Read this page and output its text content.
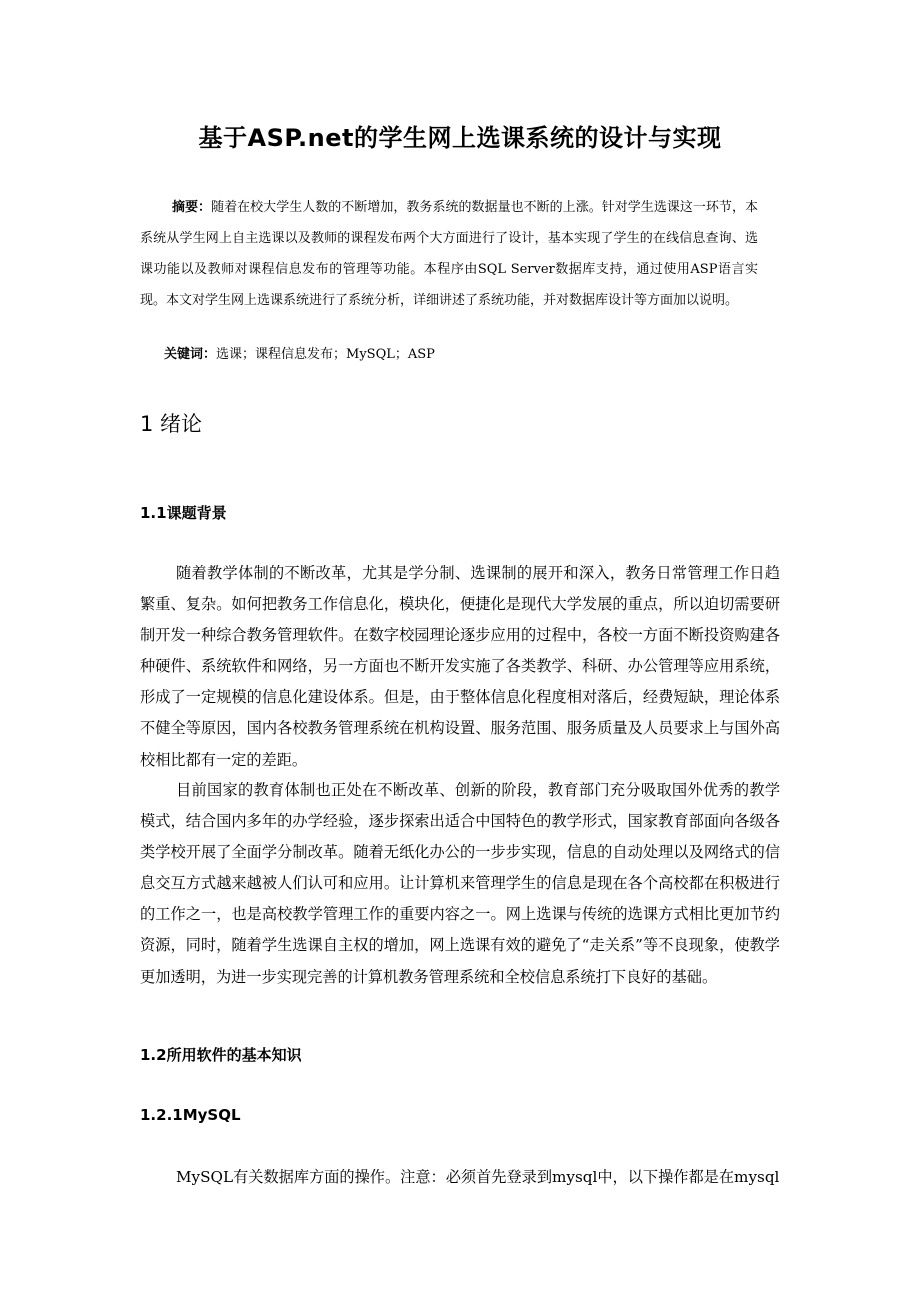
基于ASP.net的学生网上选课系统的设计与实现
摘要：随着在校大学生人数的不断增加，教务系统的数据量也不断的上涨。针对学生选课这一环节，本系统从学生网上自主选课以及教师的课程发布两个大方面进行了设计，基本实现了学生的在线信息查询、选课功能以及教师对课程信息发布的管理等功能。本程序由SQL Server数据库支持，通过使用ASP语言实现。本文对学生网上选课系统进行了系统分析，详细讲述了系统功能，并对数据库设计等方面加以说明。
关键词：选课；课程信息发布；MySQL；ASP
1 绪论
1.1课题背景
随着教学体制的不断改革，尤其是学分制、选课制的展开和深入，教务日常管理工作日趋繁重、复杂。如何把教务工作信息化，模块化，便捷化是现代大学发展的重点，所以迫切需要研制开发一种综合教务管理软件。在数字校园理论逐步应用的过程中，各校一方面不断投资购建各种硬件、系统软件和网络，另一方面也不断开发实施了各类教学、科研、办公管理等应用系统，形成了一定规模的信息化建设体系。但是，由于整体信息化程度相对落后，经费短缺，理论体系不健全等原因，国内各校教务管理系统在机构设置、服务范围、服务质量及人员要求上与国外高校相比都有一定的差距。
目前国家的教育体制也正处在不断改革、创新的阶段，教育部门充分吸取国外优秀的教学模式，结合国内多年的办学经验，逐步探索出适合中国特色的教学形式，国家教育部面向各级各类学校开展了全面学分制改革。随着无纸化办公的一步步实现，信息的自动处理以及网络式的信息交互方式越来越被人们认可和应用。让计算机来管理学生的信息是现在各个高校都在积极进行的工作之一，也是高校教学管理工作的重要内容之一。网上选课与传统的选课方式相比更加节约资源，同时，随着学生选课自主权的增加，网上选课有效的避免了“走关系”等不良现象，使教学更加透明，为进一步实现完善的计算机教务管理系统和全校信息系统打下良好的基础。
1.2所用软件的基本知识
1.2.1MySQL
MySQL有关数据库方面的操作。注意：必须首先登录到mysql中，以下操作都是在mysql
